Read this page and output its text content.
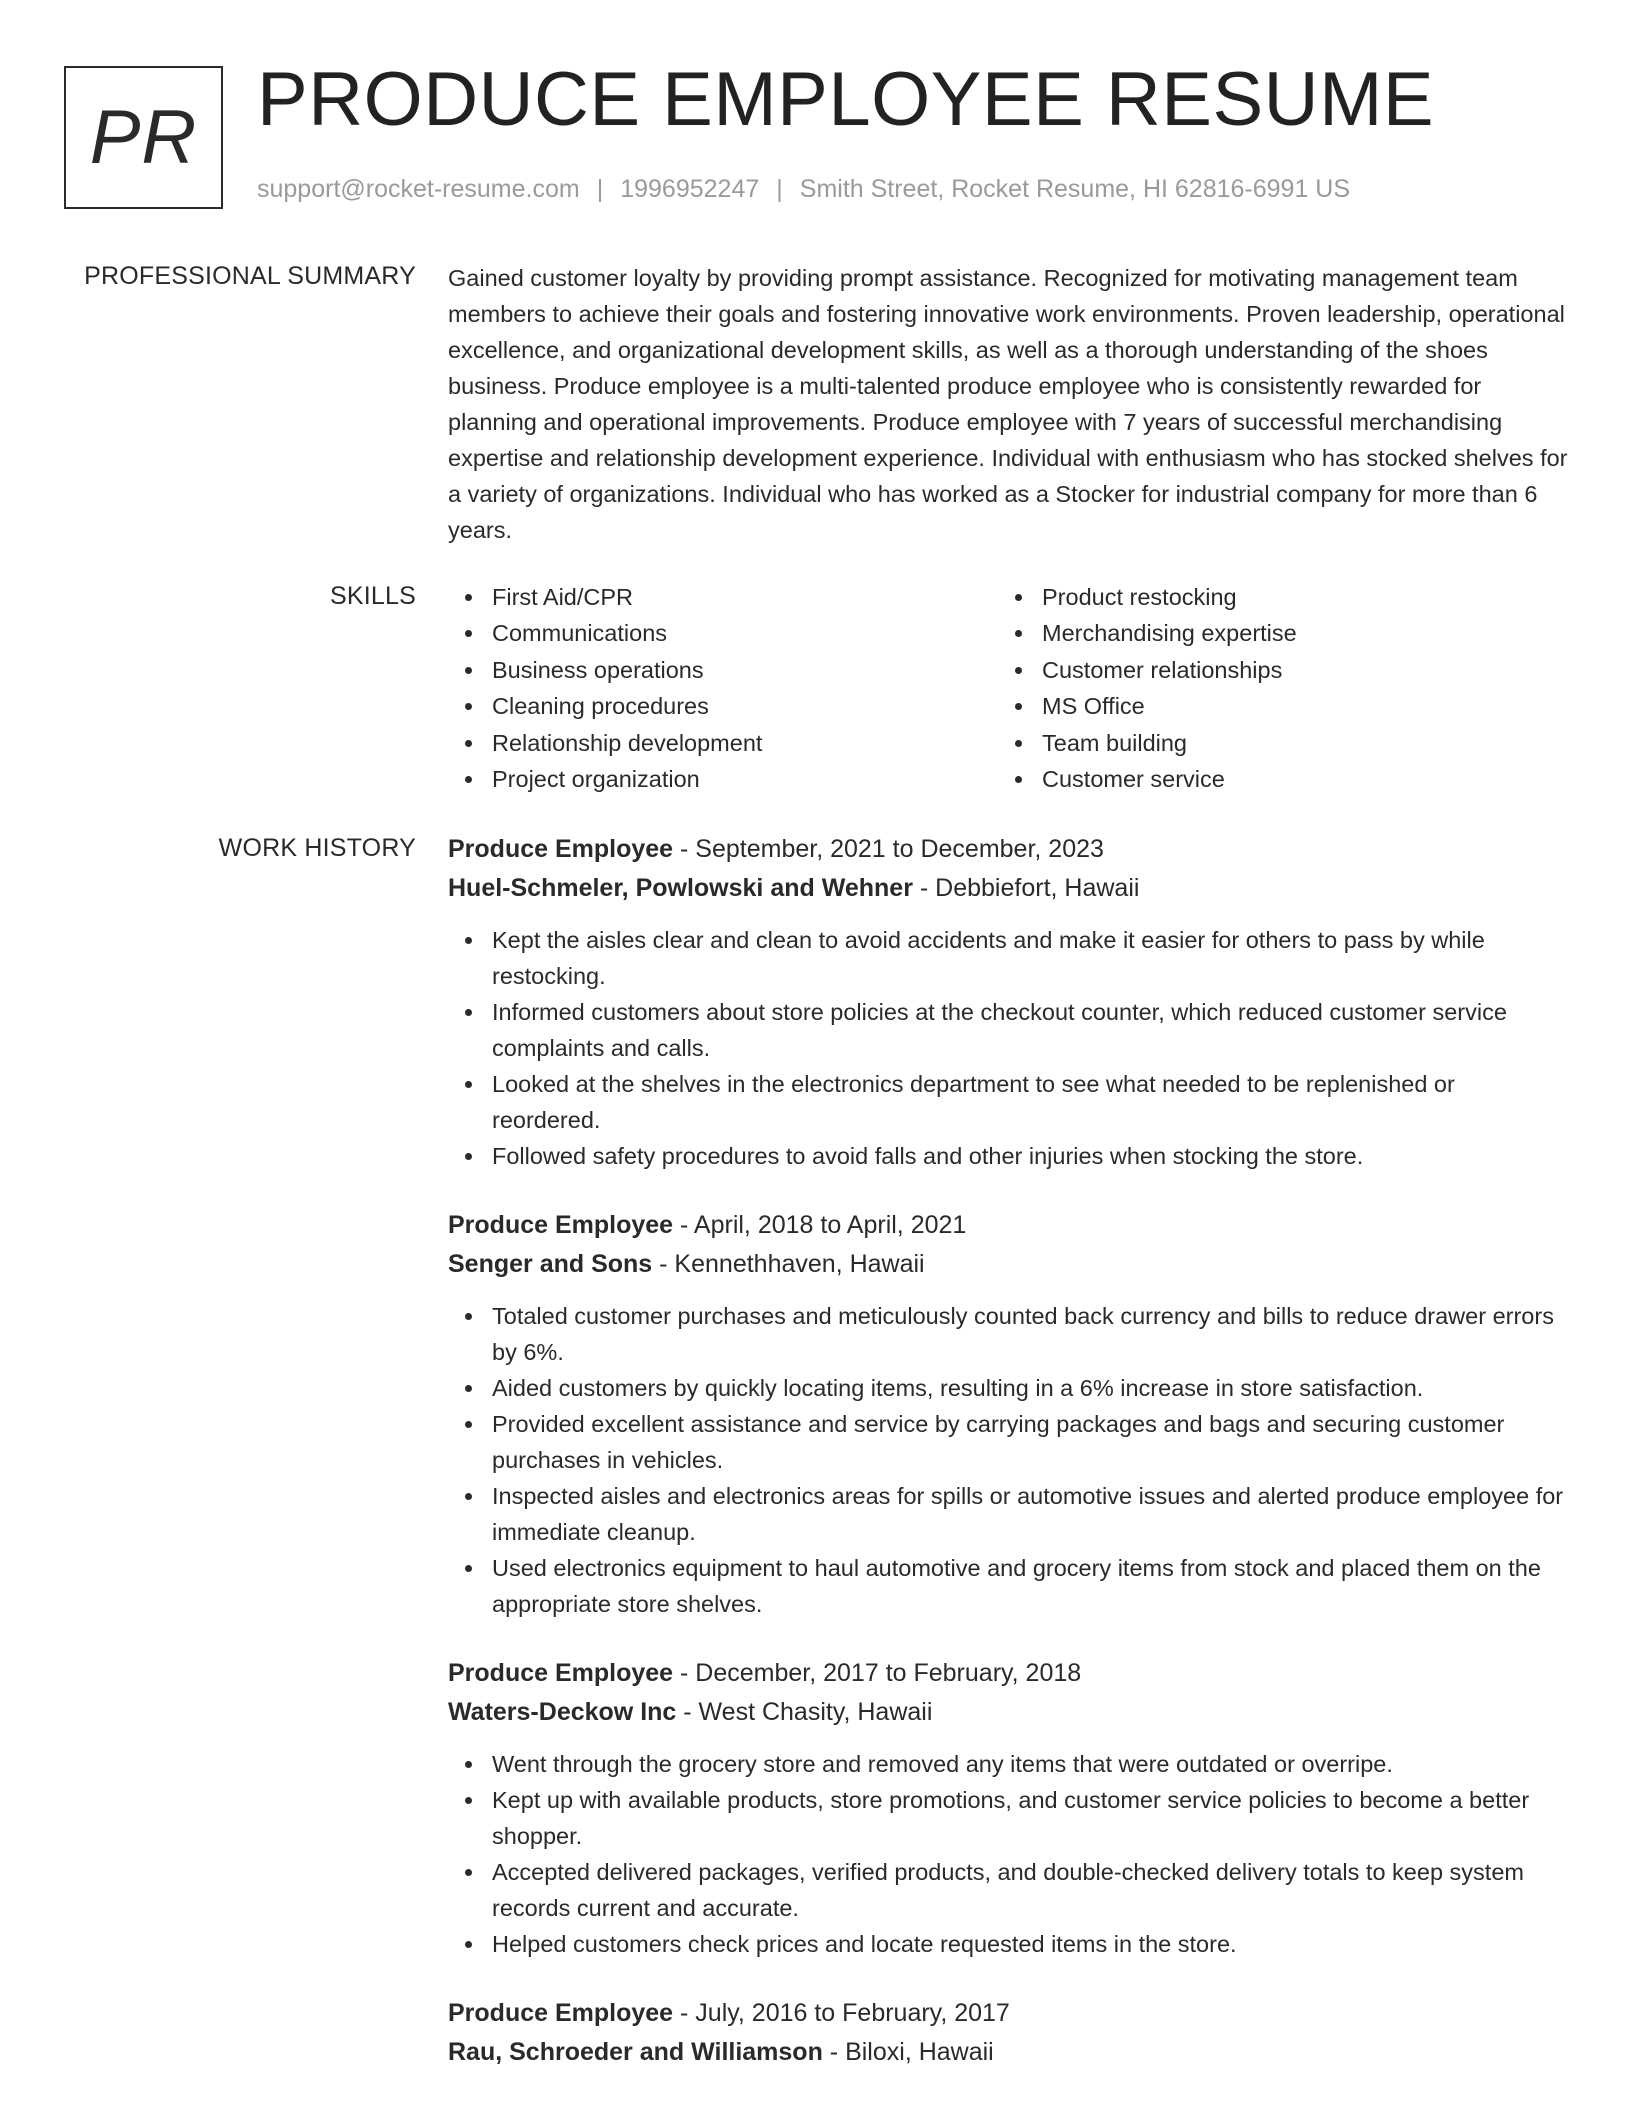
PR PRODUCE EMPLOYEE RESUME
support@rocket-resume.com | 1996952247 | Smith Street, Rocket Resume, HI 62816-6991 US
PROFESSIONAL SUMMARY Gained customer loyalty by providing prompt assistance. Recognized for motivating management team members to achieve their goals and fostering innovative work environments. Proven leadership, operational excellence, and organizational development skills, as well as a thorough understanding of the shoes business. Produce employee is a multi-talented produce employee who is consistently rewarded for planning and operational improvements. Produce employee with 7 years of successful merchandising expertise and relationship development experience. Individual with enthusiasm who has stocked shelves for a variety of organizations. Individual who has worked as a Stocker for industrial company for more than 6 years.

SKILLS	First Aid/CPR
Communications
Business operations
Cleaning procedures
Relationship development
Project organization
Product restocking
Merchandising expertise
Customer relationships
MS Office
Team building
Customer service
WORK HISTORY Produce Employee - September, 2021 to December, 2023
Huel-Schmeler, Powlowski and Wehner - Debbiefort, Hawaii
Kept the aisles clear and clean to avoid accidents and make it easier for others to pass by while restocking.
Informed customers about store policies at the checkout counter, which reduced customer service complaints and calls.
Looked at the shelves in the electronics department to see what needed to be replenished or reordered.
Followed safety procedures to avoid falls and other injuries when stocking the store.
Produce Employee - April, 2018 to April, 2021
Senger and Sons - Kennethhaven, Hawaii
Totaled customer purchases and meticulously counted back currency and bills to reduce drawer errors by 6%.
Aided customers by quickly locating items, resulting in a 6% increase in store satisfaction.
Provided excellent assistance and service by carrying packages and bags and securing customer purchases in vehicles.
Inspected aisles and electronics areas for spills or automotive issues and alerted produce employee for immediate cleanup.
Used electronics equipment to haul automotive and grocery items from stock and placed them on the appropriate store shelves.
Produce Employee - December, 2017 to February, 2018
Waters-Deckow Inc - West Chasity, Hawaii
Went through the grocery store and removed any items that were outdated or overripe.
Kept up with available products, store promotions, and customer service policies to become a better shopper.
Accepted delivered packages, verified products, and double-checked delivery totals to keep system records current and accurate.
Helped customers check prices and locate requested items in the store.
Produce Employee - July, 2016 to February, 2017
Rau, Schroeder and Williamson - Biloxi, Hawaii
